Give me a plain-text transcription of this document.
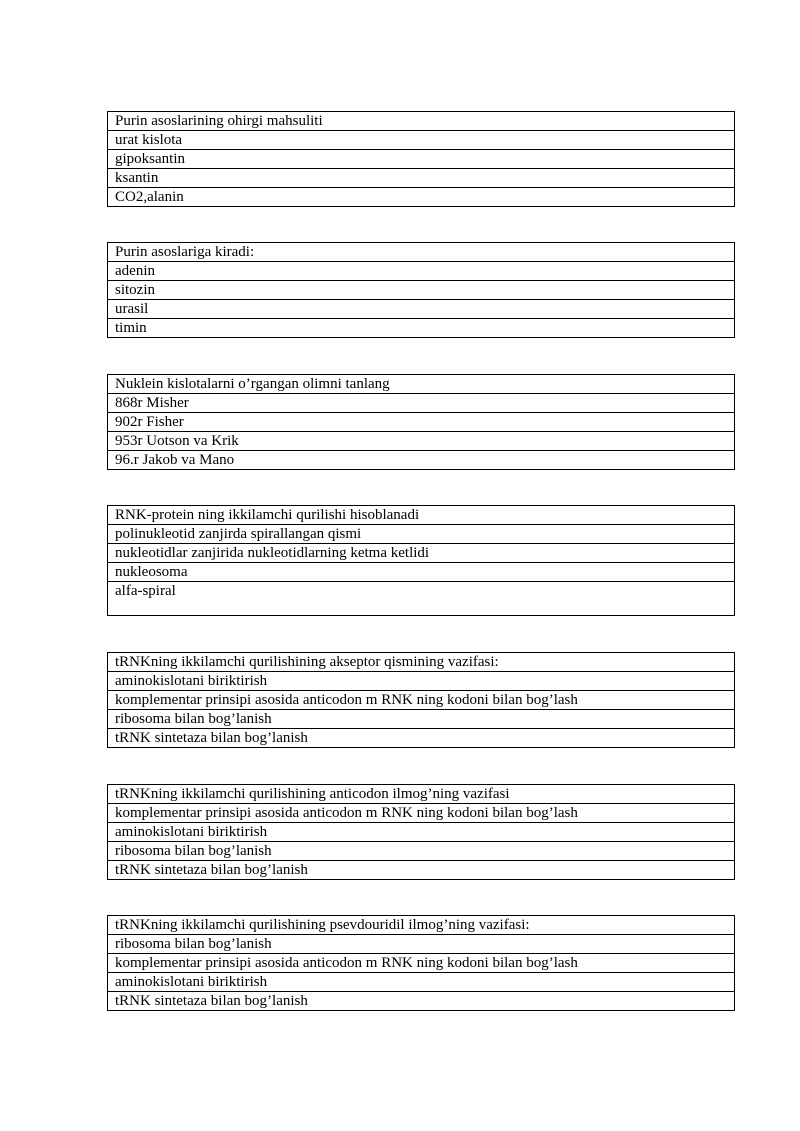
Purin asoslarining ohirgi mahsuliti
urat kislota
gipoksantin
ksantin
CO2,alanin
Purin asoslariga kiradi:
adenin
sitozin
urasil
timin
Nuklein kislotalarni o’rgangan olimni tanlang
868r Misher
902r Fisher
953r Uotson va Krik
96.r Jakob va Mano
RNK-protein ning ikkilamchi qurilishi hisoblanadi
polinukleotid zanjirda spirallangan qismi
nukleotidlar zanjirida nukleotidlarning ketma ketlidi
nukleosoma
alfa-spiral
tRNKning ikkilamchi qurilishining akseptor qismining vazifasi:
aminokislotani biriktirish
komplementar prinsipi asosida anticodon m RNK ning kodoni bilan bog’lash
ribosoma bilan bog’lanish
tRNK sintetaza bilan bog’lanish
tRNKning ikkilamchi qurilishining anticodon ilmog’ning vazifasi
komplementar prinsipi asosida anticodon m RNK ning kodoni bilan bog’lash
aminokislotani biriktirish
ribosoma bilan bog’lanish
tRNK sintetaza bilan bog’lanish
tRNKning ikkilamchi qurilishining psevdouridil ilmog’ning vazifasi:
ribosoma bilan bog’lanish
komplementar prinsipi asosida anticodon m RNK ning kodoni bilan bog’lash
aminokislotani biriktirish
tRNK sintetaza bilan bog’lanish
